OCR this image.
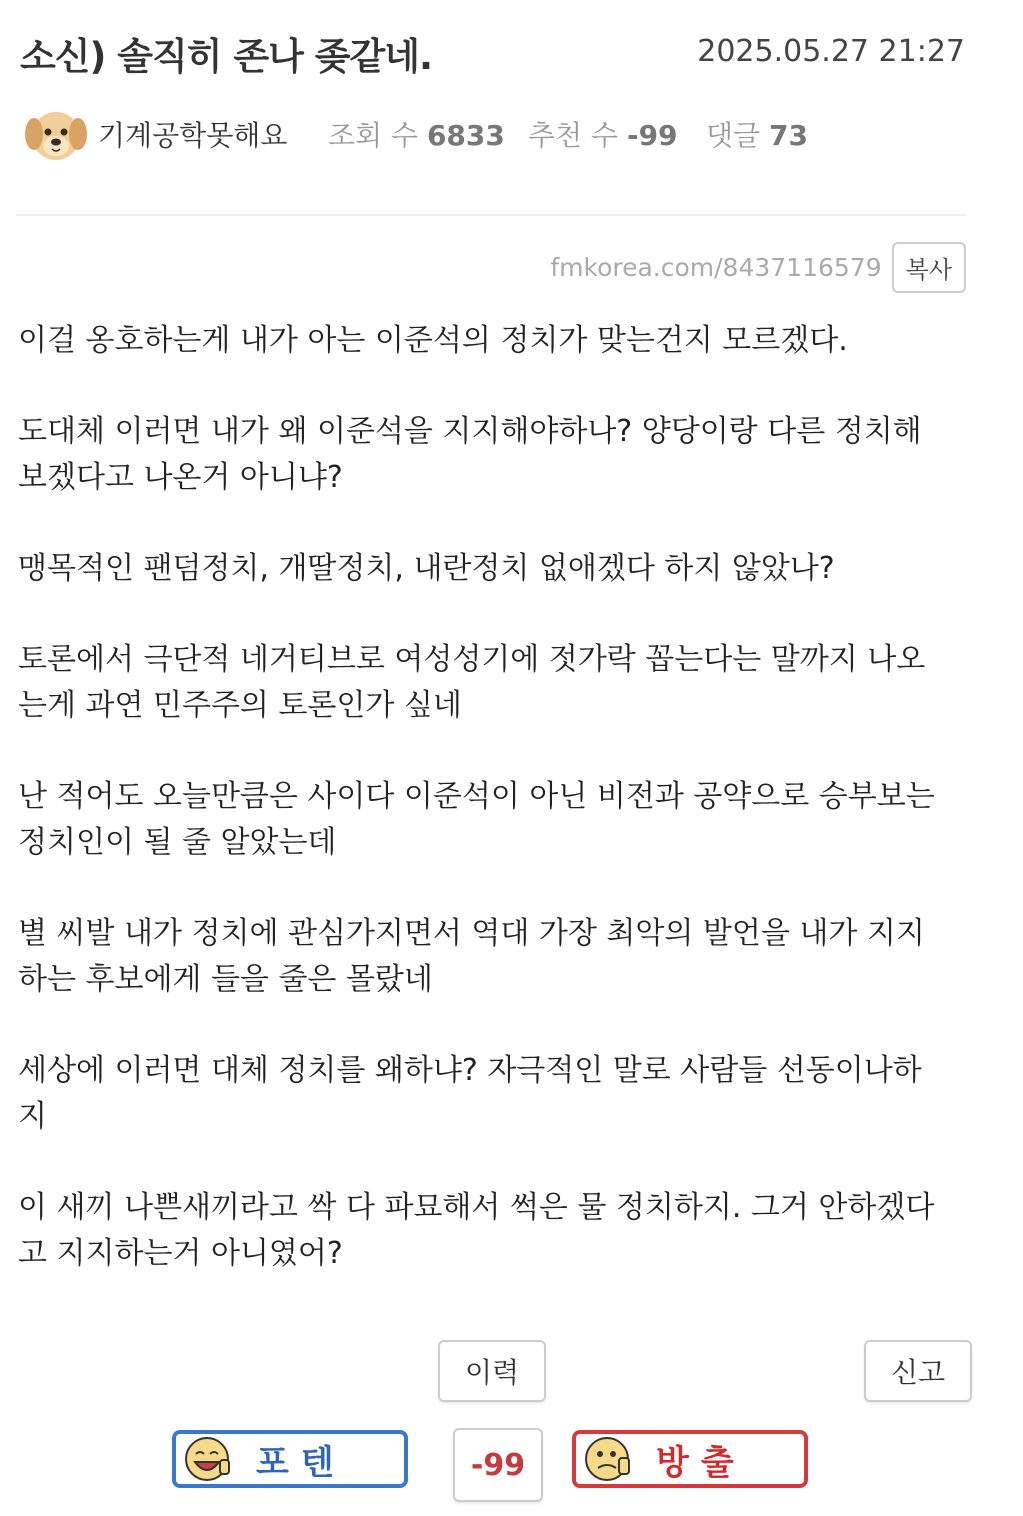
소신) 솔직히 존나 좆같네.	2025.05.27 21:27
기계공학못해요 조회 수 6833 추천 수 -99 댓글 73
fmkorea.com/8437116579	복사

이걸 옹호하는게 내가 아는 이준석의 정치가 맞는건지 모르겠다.

도대체 이러면 내가 왜 이준석을 지지해야하나? 양당이랑 다른 정치해
보겠다고 나온거 아니냐?

맹목적인 팬덤정치, 개딸정치, 내란정치 없애겠다 하지 않았나?

토론에서 극단적 네거티브로 여성성기에 젓가락 꼽는다는 말까지 나오
는게 과연 민주주의 토론인가 싶네

난 적어도 오늘만큼은 사이다 이준석이 아닌 비전과 공약으로 승부보는
정치인이 될 줄 알았는데

별 씨발 내가 정치에 관심가지면서 역대 가장 최악의 발언을 내가 지지
하는 후보에게 들을 줄은 몰랐네

세상에 이러면 대체 정치를 왜하냐? 자극적인 말로 사람들 선동이나하
지

이 새끼 나쁜새끼라고 싹 다 파묘해서 썩은 물 정치하지. 그거 안하겠다
고 지지하는거 아니였어?

이력	신고
포텐	-99	방출
